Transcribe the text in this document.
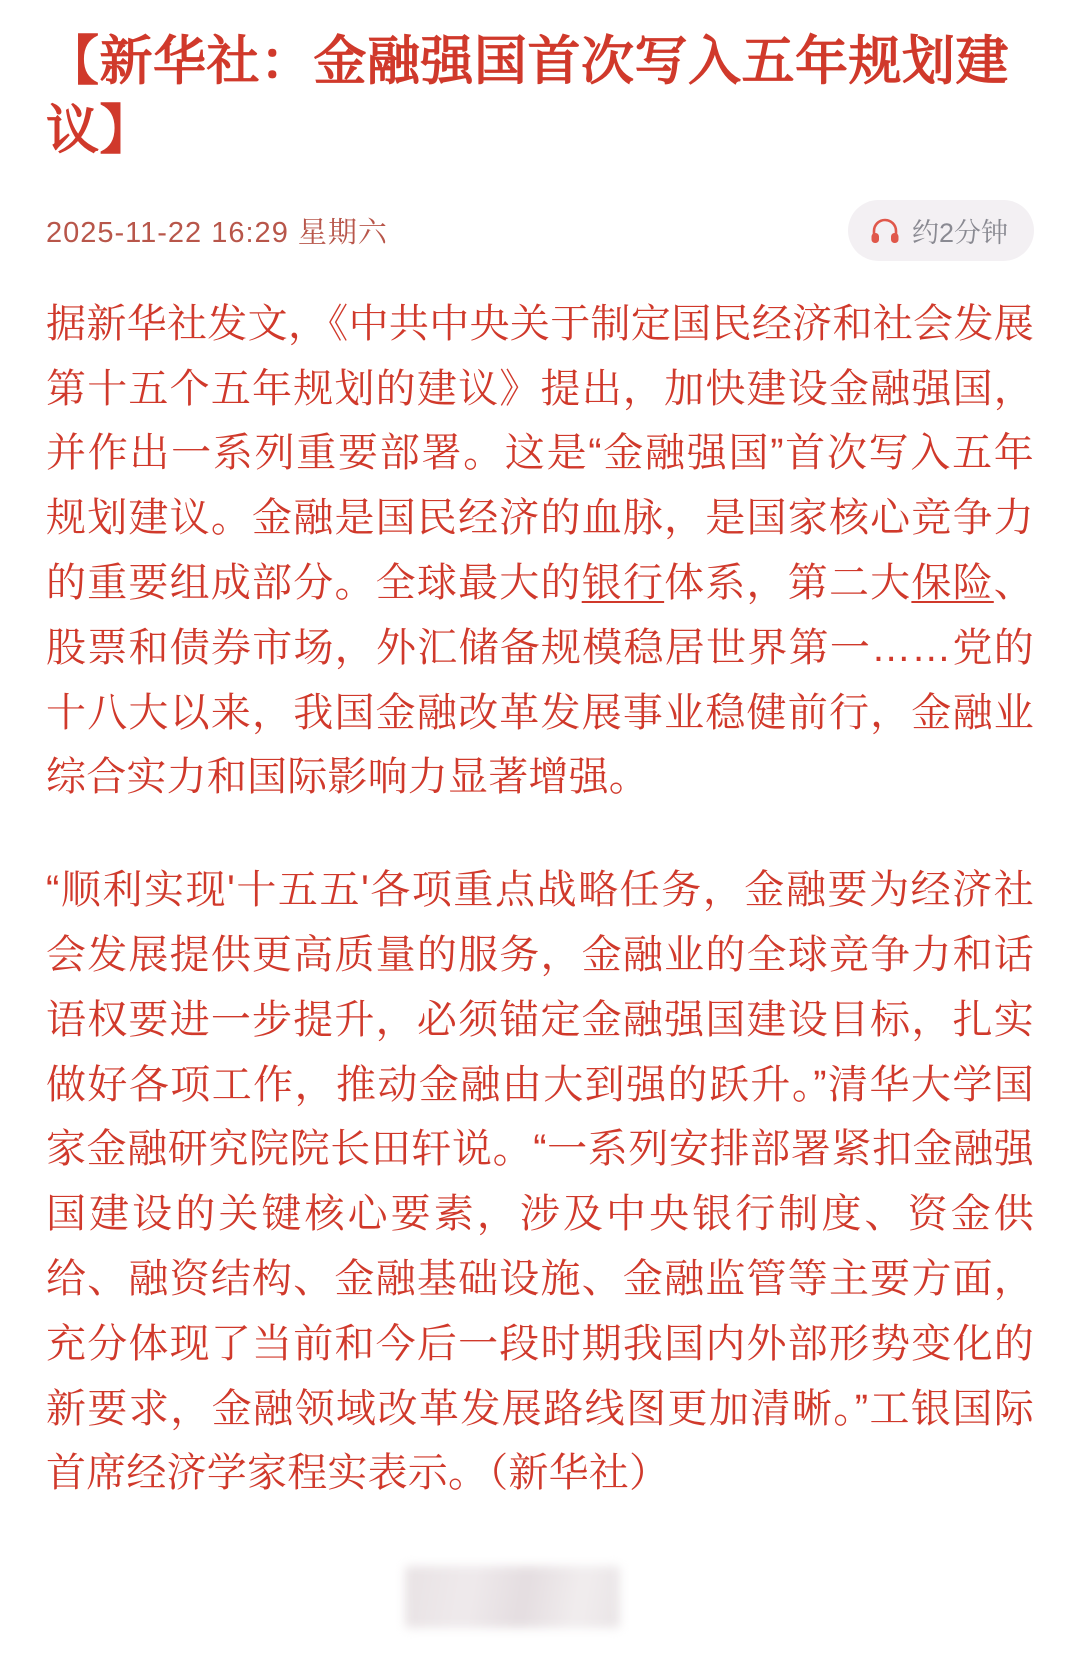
【新华社：金融强国首次写入五年规划建议】
2025-11-22 16:29 星期六	约2分钟

据新华社发文，《中共中央关于制定国民经济和社会发展第十五个五年规划的建议》提出，加快建设金融强国，并作出一系列重要部署。这是“金融强国”首次写入五年规划建议。金融是国民经济的血脉，是国家核心竞争力的重要组成部分。全球最大的银行体系，第二大保险、股票和债券市场，外汇储备规模稳居世界第一……党的十八大以来，我国金融改革发展事业稳健前行，金融业综合实力和国际影响力显著增强。

“顺利实现'十五五'各项重点战略任务，金融要为经济社会发展提供更高质量的服务，金融业的全球竞争力和话语权要进一步提升，必须锚定金融强国建设目标，扎实做好各项工作，推动金融由大到强的跃升。”清华大学国家金融研究院院长田轩说。“一系列安排部署紧扣金融强国建设的关键核心要素，涉及中央银行制度、资金供给、融资结构、金融基础设施、金融监管等主要方面，充分体现了当前和今后一段时期我国内外部形势变化的新要求，金融领域改革发展路线图更加清晰。”工银国际首席经济学家程实表示。（新华社）
